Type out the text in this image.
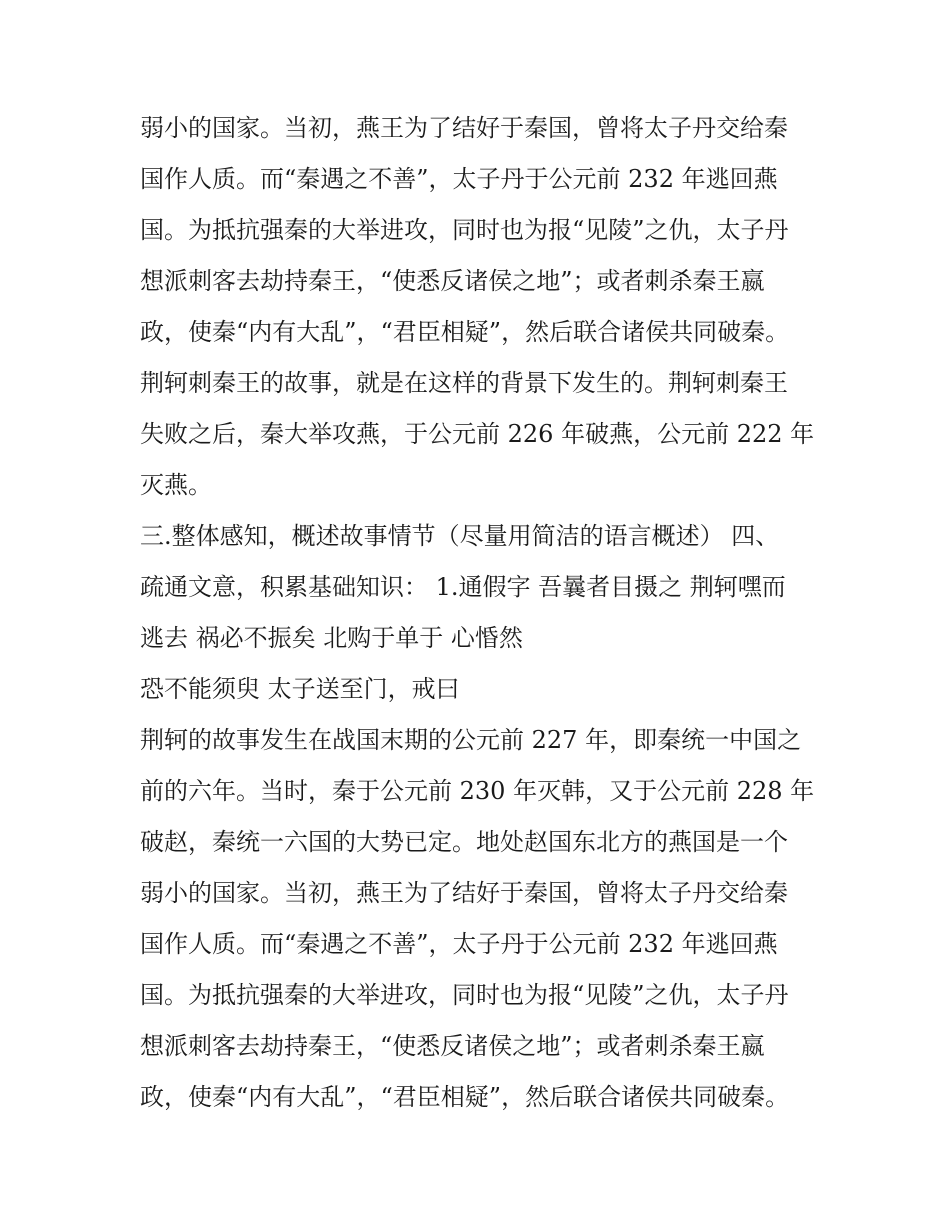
弱小的国家。当初，燕王为了结好于秦国，曾将太子丹交给秦
国作人质。而“秦遇之不善”，太子丹于公元前 232 年逃回燕
国。为抵抗强秦的大举进攻，同时也为报“见陵”之仇，太子丹
想派刺客去劫持秦王，“使悉反诸侯之地”；或者刺杀秦王嬴
政，使秦“内有大乱”，“君臣相疑”，然后联合诸侯共同破秦。
荆轲刺秦王的故事，就是在这样的背景下发生的。荆轲刺秦王
失败之后，秦大举攻燕，于公元前 226 年破燕，公元前 222 年
灭燕。
三.整体感知，概述故事情节（尽量用简洁的语言概述） 四、
疏通文意，积累基础知识： 1.通假字 吾曩者目摄之 荆轲嘿而
逃去 祸必不振矣 北购于单于 心惛然
恐不能须臾 太子送至门，戒曰
荆轲的故事发生在战国末期的公元前 227 年，即秦统一中国之
前的六年。当时，秦于公元前 230 年灭韩，又于公元前 228 年
破赵，秦统一六国的大势已定。地处赵国东北方的燕国是一个
弱小的国家。当初，燕王为了结好于秦国，曾将太子丹交给秦
国作人质。而“秦遇之不善”，太子丹于公元前 232 年逃回燕
国。为抵抗强秦的大举进攻，同时也为报“见陵”之仇，太子丹
想派刺客去劫持秦王，“使悉反诸侯之地”；或者刺杀秦王嬴
政，使秦“内有大乱”，“君臣相疑”，然后联合诸侯共同破秦。
